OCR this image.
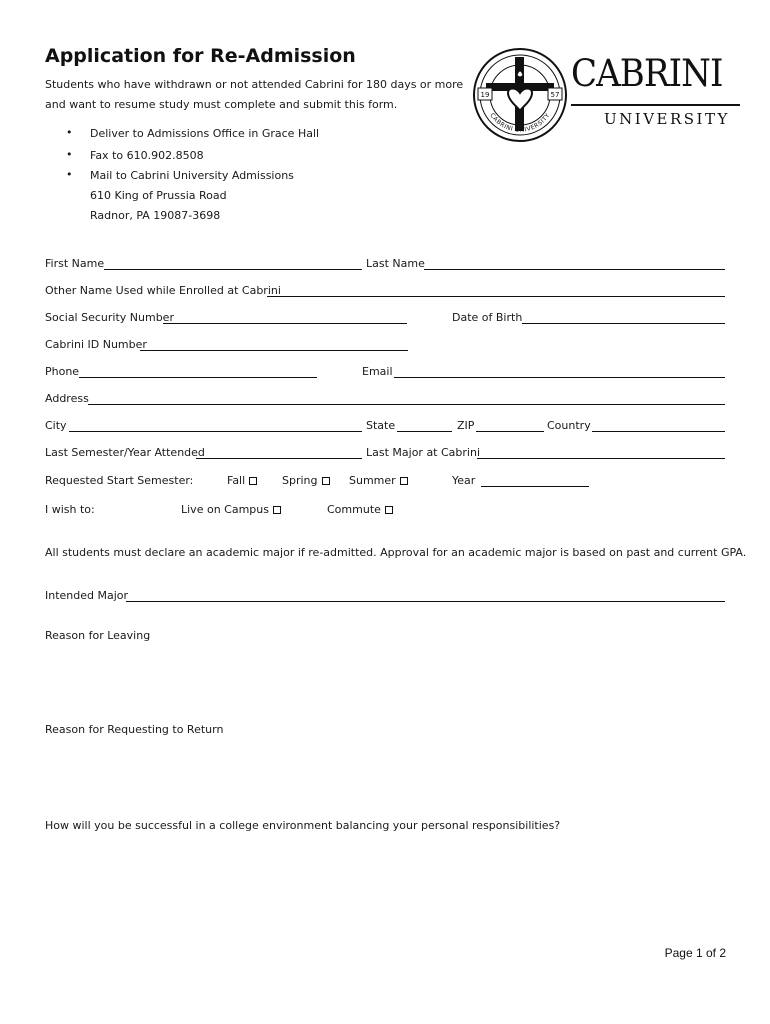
Application for Re-Admission
Students who have withdrawn or not attended Cabrini for 180 days or more
and want to resume study must complete and submit this form.
• Deliver to Admissions Office in Grace Hall
• Fax to 610.902.8508
• Mail to Cabrini University Admissions
610 King of Prussia Road
Radnor, PA 19087-3698
19	57
CABRINI UNIVERSITY
CABRINI
UNIVERSITY
First Name	Last Name
Other Name Used while Enrolled at Cabrini
Social Security Number	Date of Birth
Cabrini ID Number
Phone	Email
Address
City	State	ZIP	Country
Last Semester/Year Attended	Last Major at Cabrini
Requested Start Semester:	Fall	Spring	Summer	Year
I wish to:	Live on Campus	Commute
All students must declare an academic major if re-admitted. Approval for an academic major is based on past and current GPA.
Intended Major
Reason for Leaving
Reason for Requesting to Return
How will you be successful in a college environment balancing your personal responsibilities?
Page 1 of 2
